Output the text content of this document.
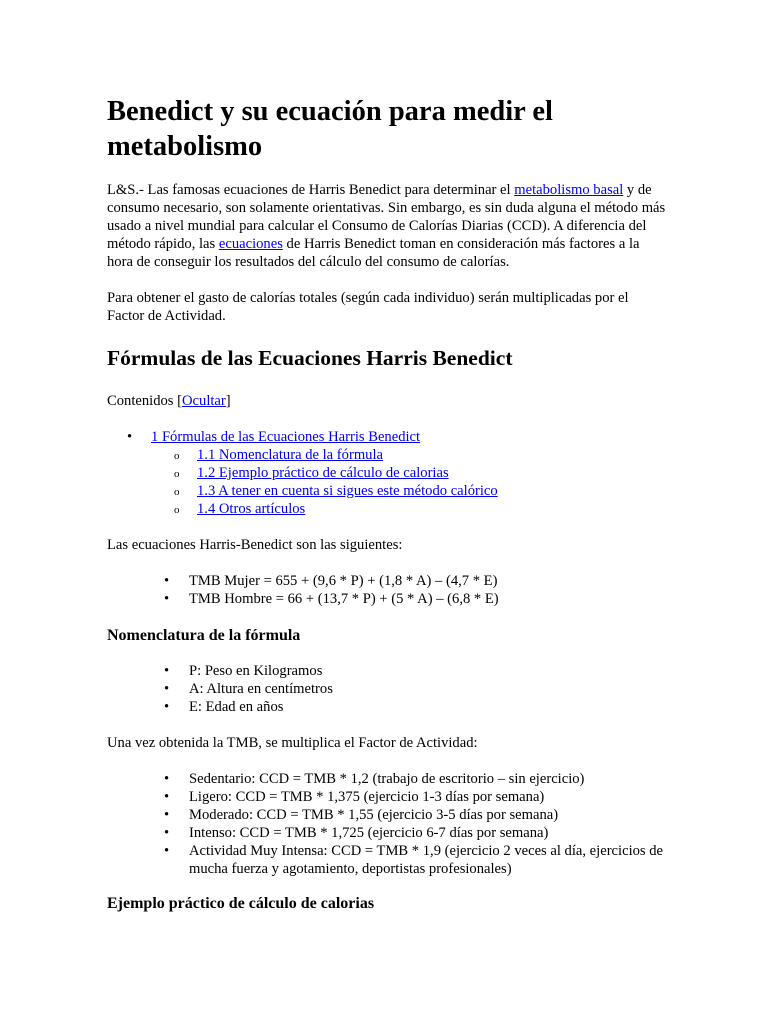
Benedict y su ecuación para medir el metabolismo

L&S.- Las famosas ecuaciones de Harris Benedict para determinar el metabolismo basal y de consumo necesario, son solamente orientativas. Sin embargo, es sin duda alguna el método más usado a nivel mundial para calcular el Consumo de Calorías Diarias (CCD). A diferencia del método rápido, las ecuaciones de Harris Benedict toman en consideración más factores a la hora de conseguir los resultados del cálculo del consumo de calorías.

Para obtener el gasto de calorías totales (según cada individuo) serán multiplicadas por el Factor de Actividad.

Fórmulas de las Ecuaciones Harris Benedict

Contenidos [Ocultar]

• 1 Fórmulas de las Ecuaciones Harris Benedict
o 1.1 Nomenclatura de la fórmula
o 1.2 Ejemplo práctico de cálculo de calorias
o 1.3 A tener en cuenta si sigues este método calórico
o 1.4 Otros artículos

Las ecuaciones Harris-Benedict son las siguientes:

• TMB Mujer = 655 + (9,6 * P) + (1,8 * A) – (4,7 * E)
• TMB Hombre = 66 + (13,7 * P) + (5 * A) – (6,8 * E)
Nomenclatura de la fórmula
• P: Peso en Kilogramos
• A: Altura en centímetros
• E: Edad en años

Una vez obtenida la TMB, se multiplica el Factor de Actividad:

• Sedentario: CCD = TMB * 1,2 (trabajo de escritorio – sin ejercicio)
• Ligero: CCD = TMB * 1,375 (ejercicio 1-3 días por semana)
• Moderado: CCD = TMB * 1,55 (ejercicio 3-5 días por semana)
• Intenso: CCD = TMB * 1,725 (ejercicio 6-7 días por semana)
• Actividad Muy Intensa: CCD = TMB * 1,9 (ejercicio 2 veces al día, ejercicios de mucha fuerza y agotamiento, deportistas profesionales)
Ejemplo práctico de cálculo de calorias
